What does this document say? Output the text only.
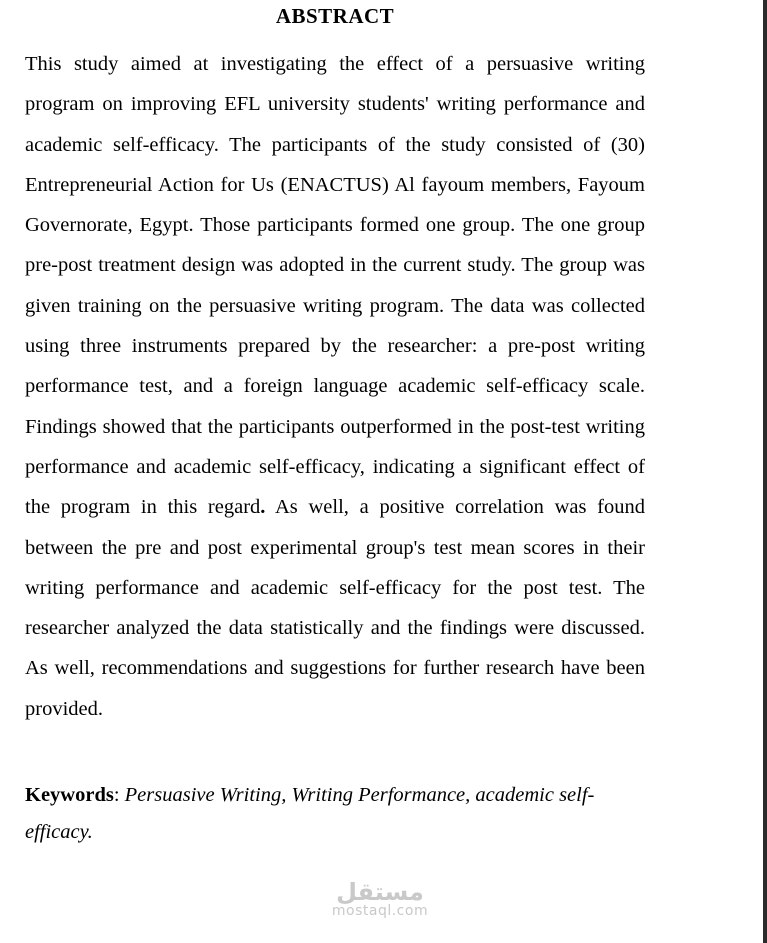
ABSTRACT

This study aimed at investigating the effect of a persuasive writing program on improving EFL university students' writing performance and academic self-efficacy. The participants of the study consisted of (30) Entrepreneurial Action for Us (ENACTUS) Al fayoum members, Fayoum Governorate, Egypt. Those participants formed one group. The one group pre-post treatment design was adopted in the current study. The group was given training on the persuasive writing program. The data was collected using three instruments prepared by the researcher: a pre-post writing performance test, and a foreign language academic self-efficacy scale. Findings showed that the participants outperformed in the post-test writing performance and academic self-efficacy, indicating a significant effect of the program in this regard. As well, a positive correlation was found between the pre and post experimental group's test mean scores in their writing performance and academic self-efficacy for the post test. The researcher analyzed the data statistically and the findings were discussed. As well, recommendations and suggestions for further research have been provided.

Keywords: Persuasive Writing, Writing Performance, academic self-efficacy.

مستقل
mostaql.com
